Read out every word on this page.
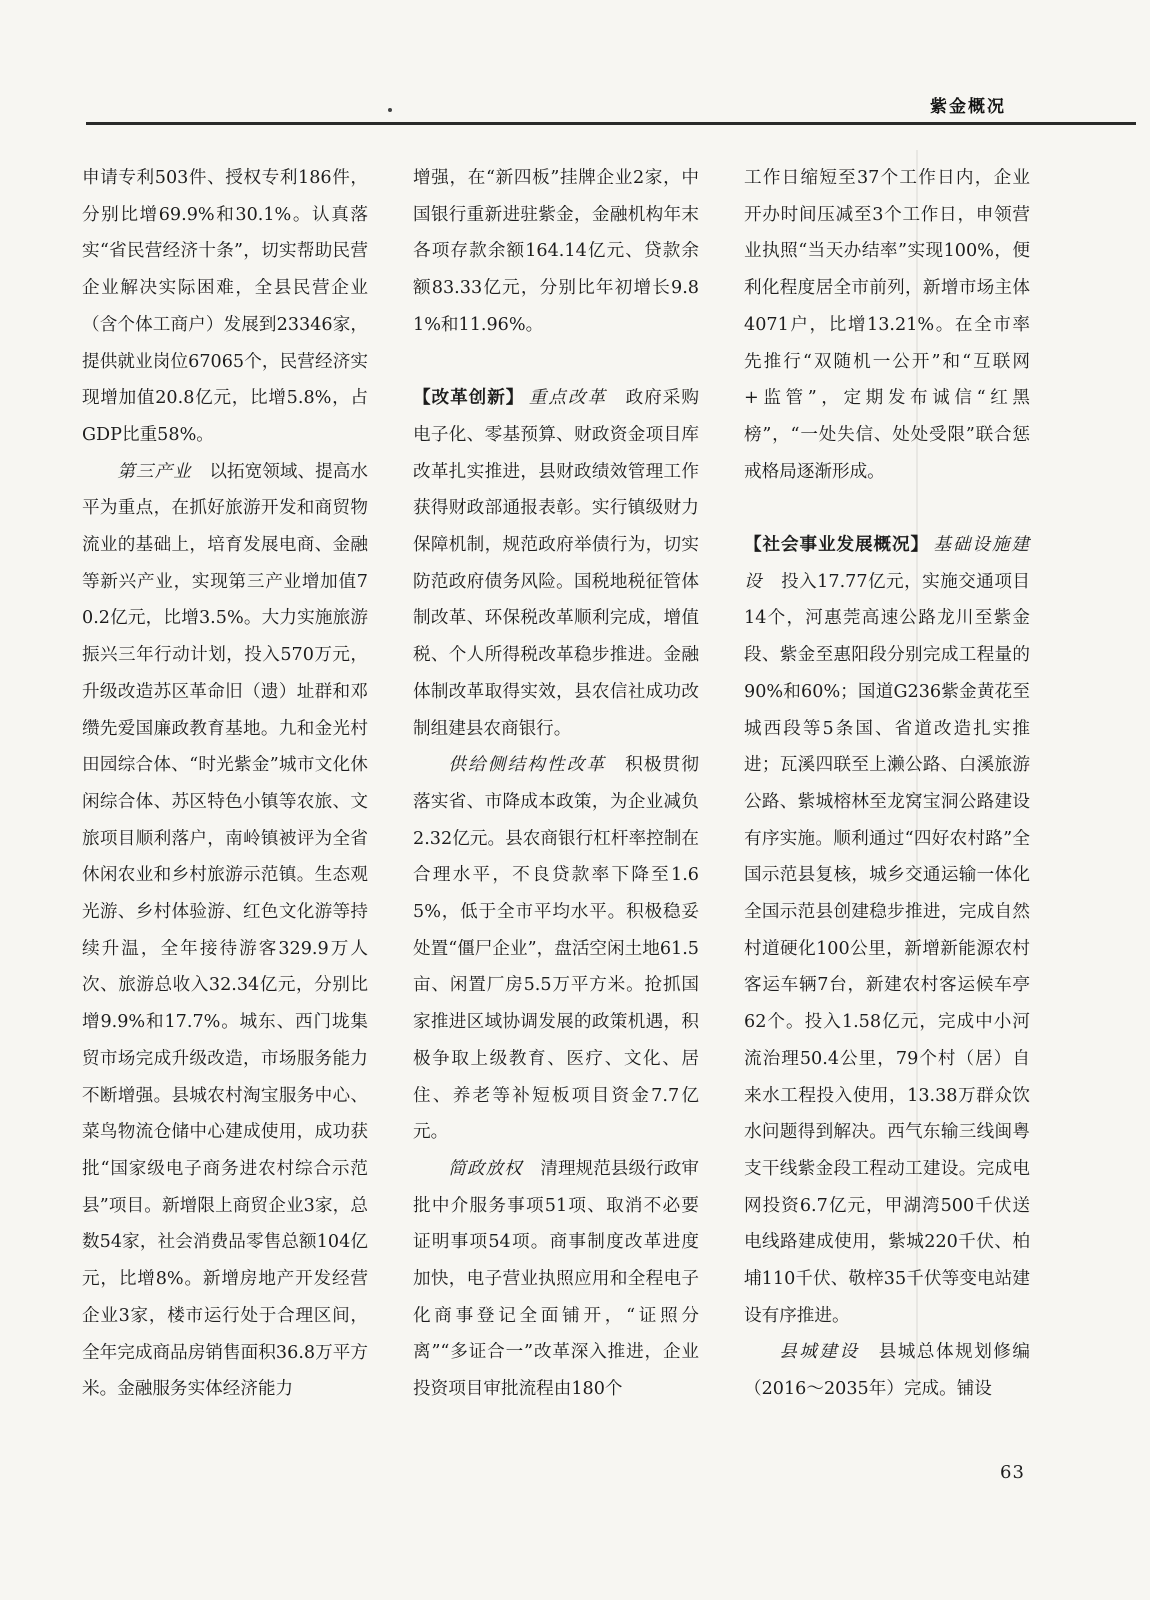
紫金概况

申请专利503件、授权专利186件，分别比增69.9%和30.1%。认真落实“省民营经济十条”，切实帮助民营企业解决实际困难，全县民营企业（含个体工商户）发展到23346家，提供就业岗位67065个，民营经济实现增加值20.8亿元，比增5.8%，占GDP比重58%。

第三产业　 以拓宽领域、提高水平为重点，在抓好旅游开发和商贸物流业的基础上，培育发展电商、金融等新兴产业，实现第三产业增加值70.2亿元，比增3.5%。大力实施旅游振兴三年行动计划，投入570万元，升级改造苏区革命旧（遗）址群和邓缵先爱国廉政教育基地。九和金光村田园综合体、“时光紫金”城市文化休闲综合体、苏区特色小镇等农旅、文旅项目顺利落户，南岭镇被评为全省休闲农业和乡村旅游示范镇。生态观光游、乡村体验游、红色文化游等持续升温，全年接待游客329.9万人次、旅游总收入32.34亿元，分别比增9.9%和17.7%。城东、西门垅集贸市场完成升级改造，市场服务能力不断增强。县城农村淘宝服务中心、菜鸟物流仓储中心建成使用，成功获批“国家级电子商务进农村综合示范县”项目。新增限上商贸企业3家，总数54家，社会消费品零售总额104亿元，比增8%。新增房地产开发经营企业3家，楼市运行处于合理区间，全年完成商品房销售面积36.8万平方米。金融服务实体经济能力

增强，在“新四板”挂牌企业2家，中国银行重新进驻紫金，金融机构年末各项存款余额164.14亿元、贷款余额83.33亿元，分别比年初增长9.81%和11.96%。

【改革创新】  重点改革　 政府采购电子化、零基预算、财政资金项目库改革扎实推进，县财政绩效管理工作获得财政部通报表彰。实行镇级财力保障机制，规范政府举债行为，切实防范政府债务风险。国税地税征管体制改革、环保税改革顺利完成，增值税、个人所得税改革稳步推进。金融体制改革取得实效，县农信社成功改制组建县农商银行。

供给侧结构性改革　 积极贯彻落实省、市降成本政策，为企业减负2.32亿元。县农商银行杠杆率控制在合理水平，不良贷款率下降至1.65%，低于全市平均水平。积极稳妥处置“僵尸企业”，盘活空闲土地61.5亩、闲置厂房5.5万平方米。抢抓国家推进区域协调发展的政策机遇，积极争取上级教育、医疗、文化、居住、养老等补短板项目资金7.7亿元。

简政放权　 清理规范县级行政审批中介服务事项51项、取消不必要证明事项54项。商事制度改革进度加快，电子营业执照应用和全程电子化商事登记全面铺开，“证照分离”“多证合一”改革深入推进，企业投资项目审批流程由180个

工作日缩短至37个工作日内，企业开办时间压减至3个工作日，申领营业执照“当天办结率”实现100%，便利化程度居全市前列，新增市场主体4071户，比增13.21%。在全市率先推行“双随机一公开”和“互联网+监管”，定期发布诚信“红黑榜”，“一处失信、处处受限”联合惩戒格局逐渐形成。

【社会事业发展概况】  基础设施建设　 投入17.77亿元，实施交通项目14个，河惠莞高速公路龙川至紫金段、紫金至惠阳段分别完成工程量的90%和60%；国道G236紫金黄花至城西段等5条国、省道改造扎实推进；瓦溪四联至上濑公路、白溪旅游公路、紫城榕林至龙窝宝洞公路建设有序实施。顺利通过“四好农村路”全国示范县复核，城乡交通运输一体化全国示范县创建稳步推进，完成自然村道硬化100公里，新增新能源农村客运车辆7台，新建农村客运候车亭62个。投入1.58亿元，完成中小河流治理50.4公里，79个村（居）自来水工程投入使用，13.38万群众饮水问题得到解决。西气东输三线闽粤支干线紫金段工程动工建设。完成电网投资6.7亿元，甲湖湾500千伏送电线路建成使用，紫城220千伏、柏埔110千伏、敬梓35千伏等变电站建设有序推进。

县城建设　 县城总体规划修编（2016～2035年）完成。铺设

63
